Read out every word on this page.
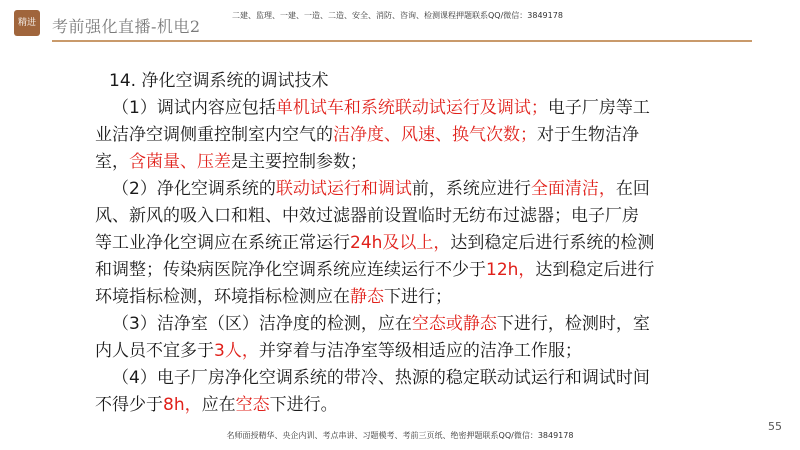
精进 考前强化直播-机电2
二建、监理、一建、一造、二造、安全、消防、咨询、检测课程押题联系QQ/微信：3849178

14. 净化空调系统的调试技术

（1）调试内容应包括单机试车和系统联动试运行及调试；电子厂房等工业洁净空调侧重控制室内空气的洁净度、风速、换气次数；对于生物洁净室，含菌量、压差是主要控制参数；

（2）净化空调系统的联动试运行和调试前，系统应进行全面清洁，在回风、新风的吸入口和粗、中效过滤器前设置临时无纺布过滤器；电子厂房等工业净化空调应在系统正常运行24h及以上，达到稳定后进行系统的检测和调整；传染病医院净化空调系统应连续运行不少于12h，达到稳定后进行环境指标检测，环境指标检测应在静态下进行；

（3）洁净室（区）洁净度的检测，应在空态或静态下进行，检测时，室内人员不宜多于3人，并穿着与洁净室等级相适应的洁净工作服；

（4）电子厂房净化空调系统的带冷、热源的稳定联动试运行和调试时间不得少于8h，应在空态下进行。

55
名师面授精华、央企内训、考点串讲、习题模考、考前三页纸、绝密押题联系QQ/微信：3849178
